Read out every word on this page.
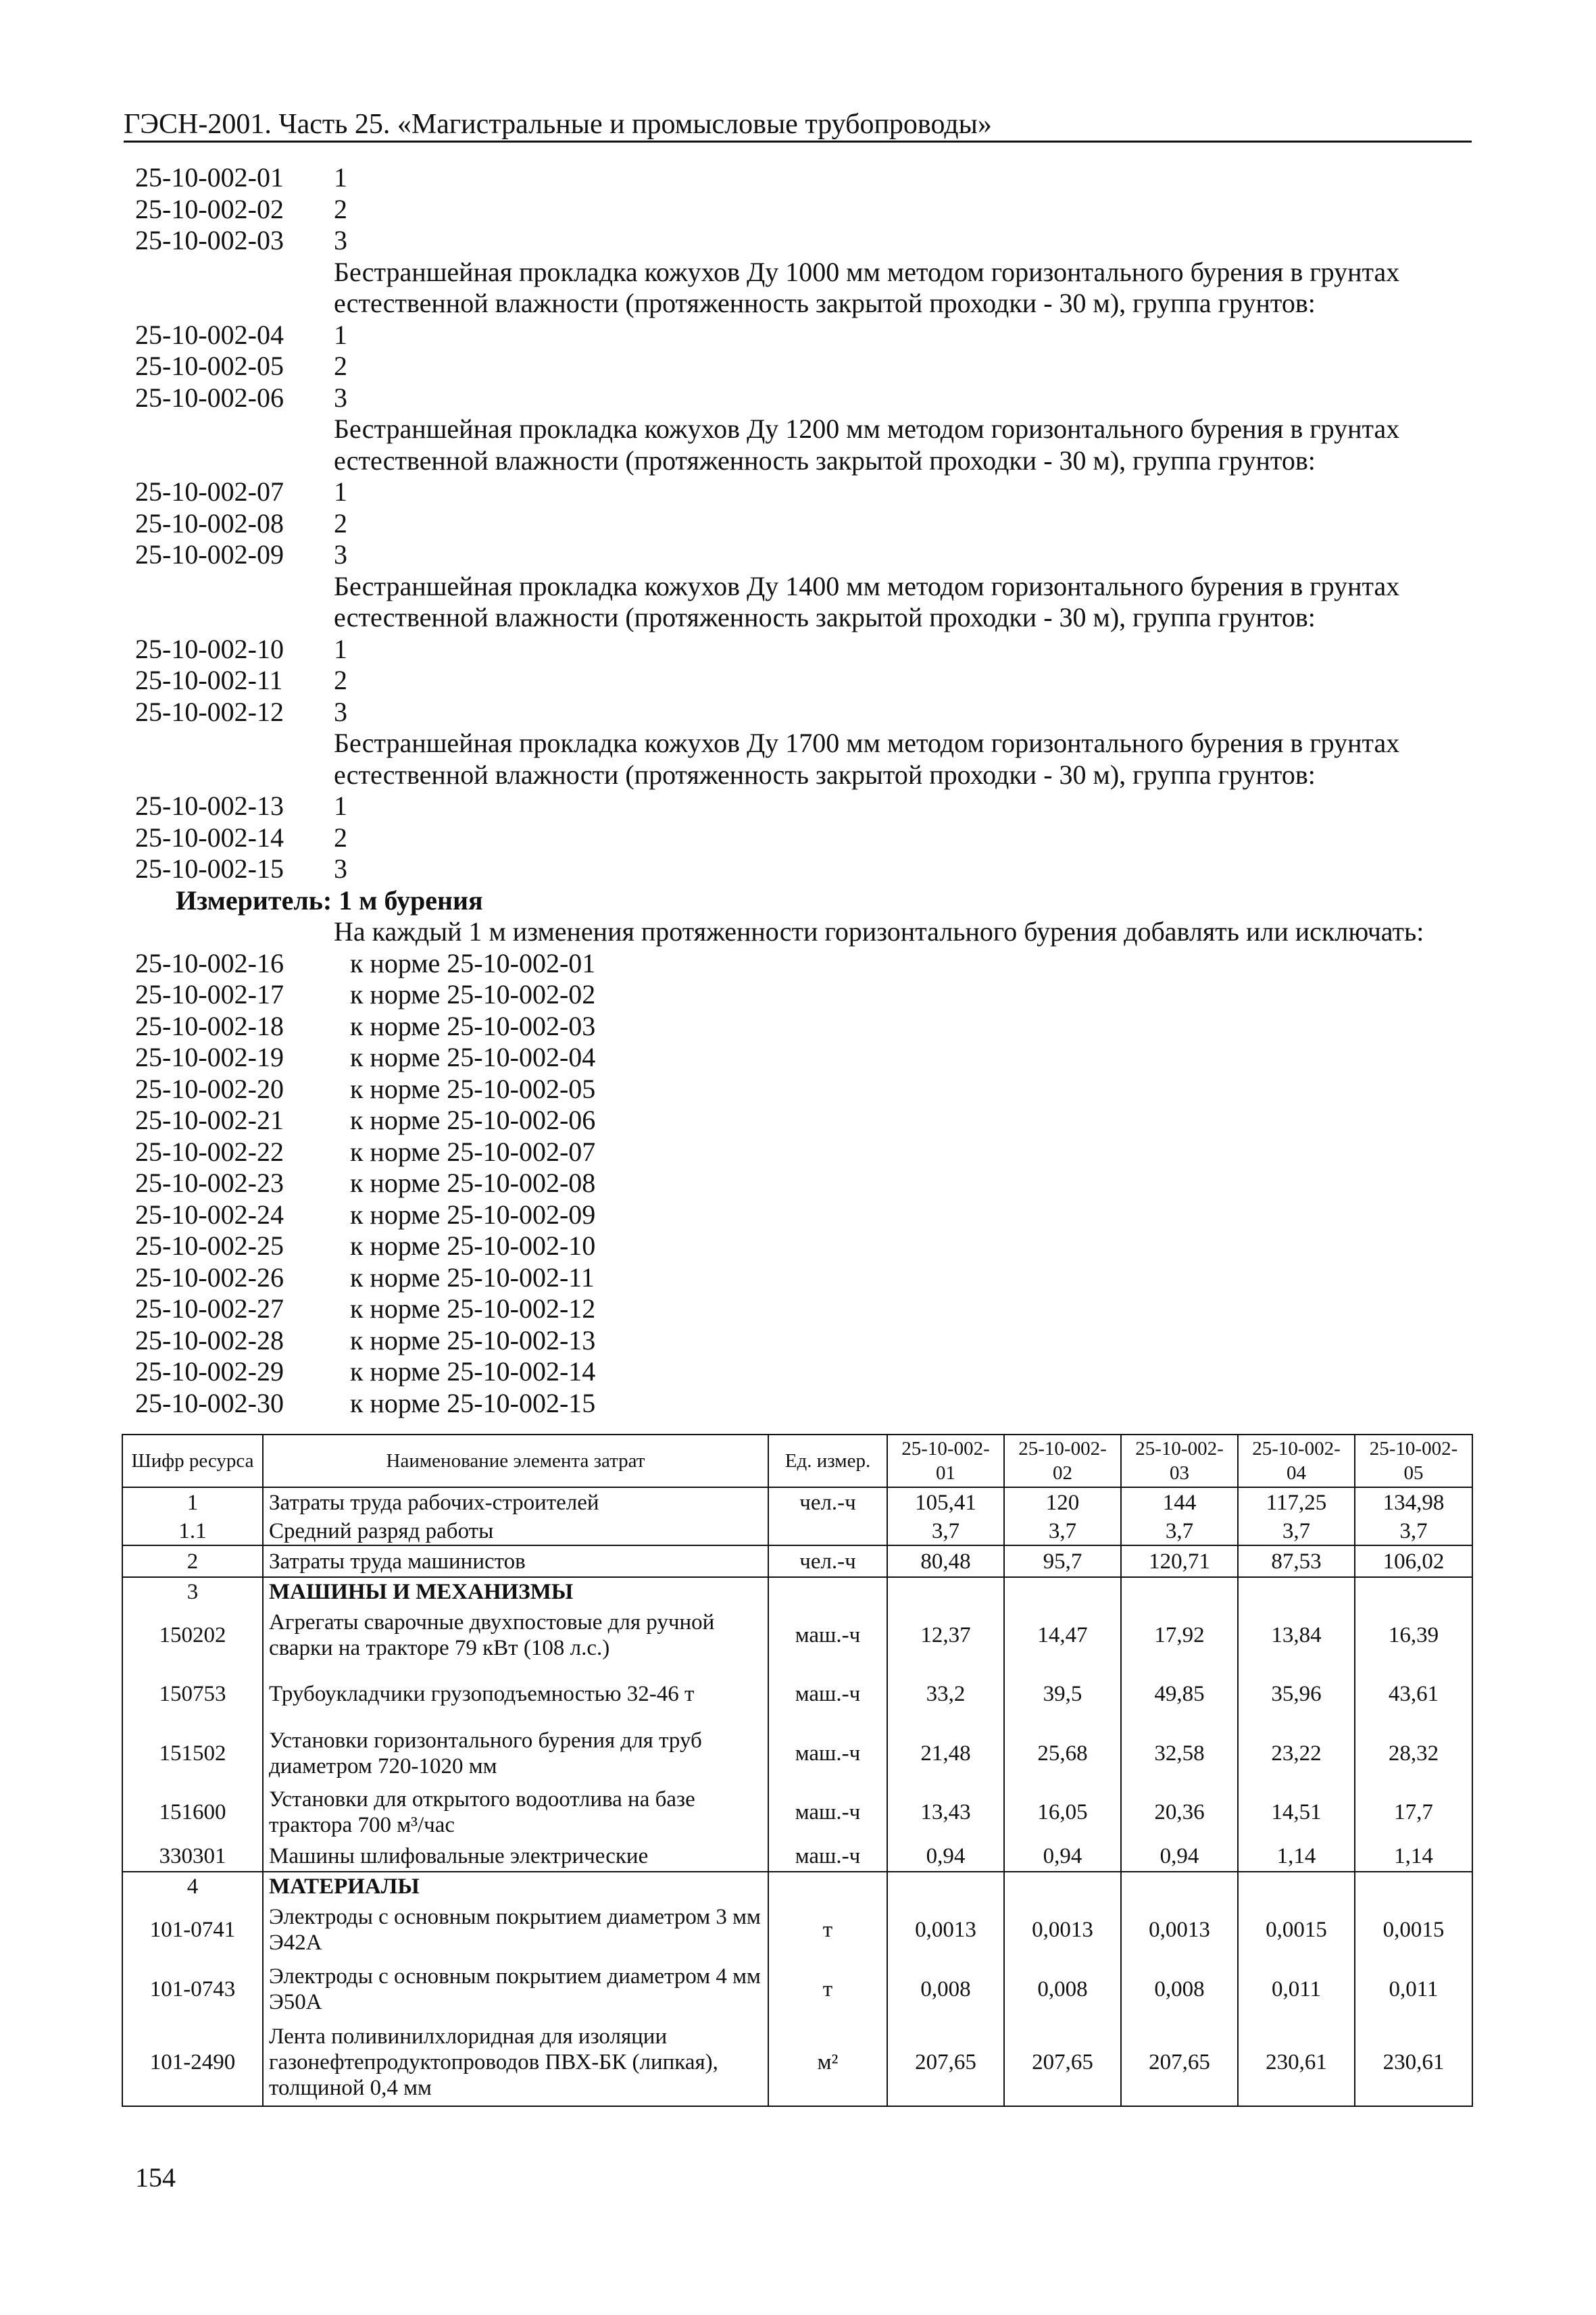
ГЭСН-2001. Часть 25. «Магистральные и промысловые трубопроводы»
25-10-002-01 1
25-10-002-02 2
25-10-002-03 3
Бестраншейная прокладка кожухов Ду 1000 мм методом горизонтального бурения в грунтах
естественной влажности (протяженность закрытой проходки - 30 м), группа грунтов:
25-10-002-04 1
25-10-002-05 2
25-10-002-06 3
Бестраншейная прокладка кожухов Ду 1200 мм методом горизонтального бурения в грунтах
естественной влажности (протяженность закрытой проходки - 30 м), группа грунтов:
25-10-002-07 1
25-10-002-08 2
25-10-002-09 3
Бестраншейная прокладка кожухов Ду 1400 мм методом горизонтального бурения в грунтах
естественной влажности (протяженность закрытой проходки - 30 м), группа грунтов:
25-10-002-10 1
25-10-002-11 2
25-10-002-12 3
Бестраншейная прокладка кожухов Ду 1700 мм методом горизонтального бурения в грунтах
естественной влажности (протяженность закрытой проходки - 30 м), группа грунтов:
25-10-002-13 1
25-10-002-14 2
25-10-002-15 3
Измеритель: 1 м бурения
На каждый 1 м изменения протяженности горизонтального бурения добавлять или исключать:
25-10-002-16 к норме 25-10-002-01
25-10-002-17 к норме 25-10-002-02
25-10-002-18 к норме 25-10-002-03
25-10-002-19 к норме 25-10-002-04
25-10-002-20 к норме 25-10-002-05
25-10-002-21 к норме 25-10-002-06
25-10-002-22 к норме 25-10-002-07
25-10-002-23 к норме 25-10-002-08
25-10-002-24 к норме 25-10-002-09
25-10-002-25 к норме 25-10-002-10
25-10-002-26 к норме 25-10-002-11
25-10-002-27 к норме 25-10-002-12
25-10-002-28 к норме 25-10-002-13
25-10-002-29 к норме 25-10-002-14
25-10-002-30 к норме 25-10-002-15
Шифр ресурса	Наименование элемента затрат	Ед. измер.	25-10-002-01	25-10-002-02	25-10-002-03	25-10-002-04	25-10-002-05
1	Затраты труда рабочих-строителей	чел.-ч	105,41	120	144	117,25	134,98
1.1	Средний разряд работы		3,7	3,7	3,7	3,7	3,7
2	Затраты труда машинистов	чел.-ч	80,48	95,7	120,71	87,53	106,02
3	МАШИНЫ И МЕХАНИЗМЫ						
150202	Агрегаты сварочные двухпостовые для ручной сварки на тракторе 79 кВт (108 л.с.)	маш.-ч	12,37	14,47	17,92	13,84	16,39
150753	Трубоукладчики грузоподъемностью 32-46 т	маш.-ч	33,2	39,5	49,85	35,96	43,61
151502	Установки горизонтального бурения для труб диаметром 720-1020 мм	маш.-ч	21,48	25,68	32,58	23,22	28,32
151600	Установки для открытого водоотлива на базе трактора 700 м³/час	маш.-ч	13,43	16,05	20,36	14,51	17,7
330301	Машины шлифовальные электрические	маш.-ч	0,94	0,94	0,94	1,14	1,14
4	МАТЕРИАЛЫ						
101-0741	Электроды с основным покрытием диаметром 3 мм Э42А	т	0,0013	0,0013	0,0013	0,0015	0,0015
101-0743	Электроды с основным покрытием диаметром 4 мм Э50А	т	0,008	0,008	0,008	0,011	0,011
101-2490	Лента поливинилхлоридная для изоляции газонефтепродуктопроводов ПВХ-БК (липкая), толщиной 0,4 мм	м²	207,65	207,65	207,65	230,61	230,61
154
